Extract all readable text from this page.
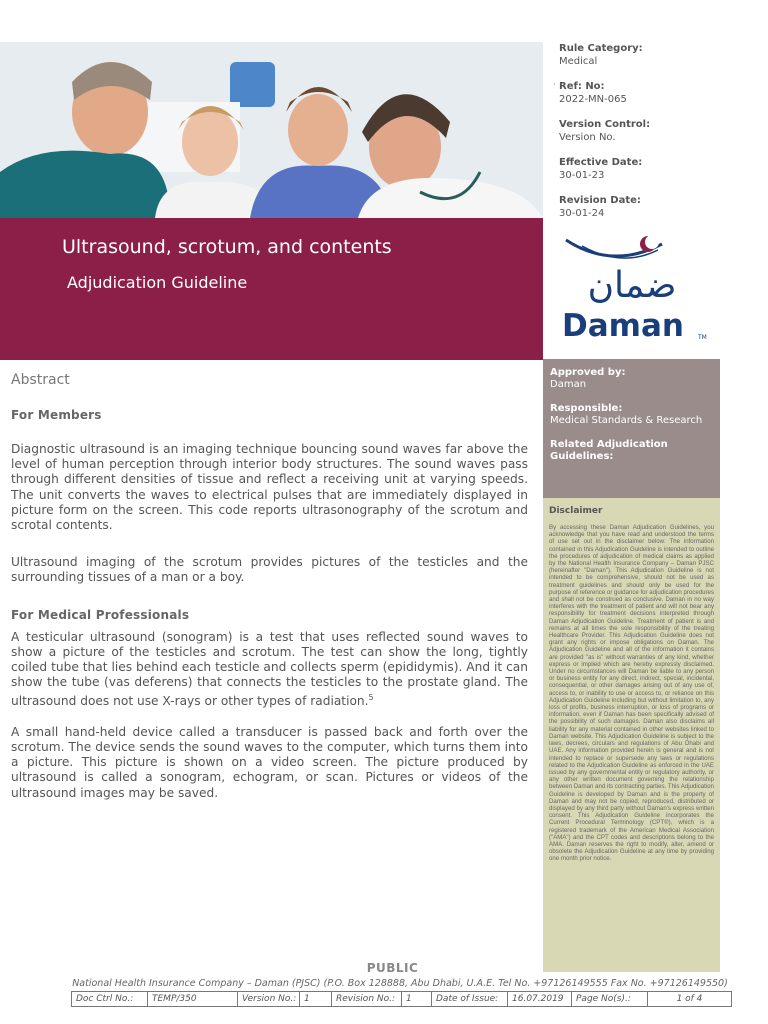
Ultrasound, scrotum, and contents
Adjudication Guideline
Rule Category:
Medical
· Ref: No:
2022-MN-065
Version Control:
Version No.
Effective Date:
30-01-23
Revision Date:
30-01-24
ضمان
Daman TM
Approved by:
Daman
Responsible:
Medical Standards & Research
Related Adjudication Guidelines:
Disclaimer
By accessing these Daman Adjudication Guidelines, you acknowledge that you have read and understood the terms of use set out in the disclaimer below: The information contained in this Adjudication Guideline is intended to outline the procedures of adjudication of medical claims as applied by the National Health Insurance Company – Daman PJSC (hereinafter "Daman"). This Adjudication Guideline is not intended to be comprehensive, should not be used as treatment guidelines and should only be used for the purpose of reference or guidance for adjudication procedures and shall not be construed as conclusive. Daman in no way interferes with the treatment of patient and will not bear any responsibility for treatment decisions interpreted through Daman Adjudication Guideline. Treatment of patient is and remains at all times the sole responsibility of the treating Healthcare Provider. This Adjudication Guideline does not grant any rights or impose obligations on Daman. The Adjudication Guideline and all of the information it contains are provided "as is" without warranties of any kind, whether express or implied which are hereby expressly disclaimed. Under no circumstances will Daman be liable to any person or business entity for any direct, indirect, special, incidental, consequential, or other damages arising out of any use of, access to, or inability to use or access to, or reliance on this Adjudication Guideline including but without limitation to, any loss of profits, business interruption, or loss of programs or information, even if Daman has been specifically advised of the possibility of such damages. Daman also disclaims all liability for any material contained in other websites linked to Daman website. This Adjudication Guideline is subject to the laws, decrees, circulars and regulations of Abu Dhabi and UAE. Any information provided herein is general and is not intended to replace or supersede any laws or regulations related to the Adjudication Guideline as enforced in the UAE issued by any governmental entity or regulatory authority, or any other written document governing the relationship between Daman and its contracting parties. This Adjudication Guideline is developed by Daman and is the property of Daman and may not be copied, reproduced, distributed or displayed by any third party without Daman's express written consent. This Adjudication Guideline incorporates the Current Procedural Terminology (CPT®), which is a registered trademark of the American Medical Association ("AMA") and the CPT codes and descriptions belong to the AMA. Daman reserves the right to modify, alter, amend or obsolete the Adjudication Guideline at any time by providing one month prior notice.
Abstract
For Members
Diagnostic ultrasound is an imaging technique bouncing sound waves far above the level of human perception through interior body structures. The sound waves pass through different densities of tissue and reflect a receiving unit at varying speeds. The unit converts the waves to electrical pulses that are immediately displayed in picture form on the screen. This code reports ultrasonography of the scrotum and scrotal contents.
Ultrasound imaging of the scrotum provides pictures of the testicles and the surrounding tissues of a man or a boy.
For Medical Professionals
A testicular ultrasound (sonogram) is a test that uses reflected sound waves to show a picture of the testicles and scrotum. The test can show the long, tightly coiled tube that lies behind each testicle and collects sperm (epididymis). And it can show the tube (vas deferens) that connects the testicles to the prostate gland. The ultrasound does not use X-rays or other types of radiation.$^5$
A small hand-held device called a transducer is passed back and forth over the scrotum. The device sends the sound waves to the computer, which turns them into a picture. This picture is shown on a video screen. The picture produced by ultrasound is called a sonogram, echogram, or scan. Pictures or videos of the ultrasound images may be saved.
PUBLIC
National Health Insurance Company – Daman (PJSC) (P.O. Box 128888, Abu Dhabi, U.A.E. Tel No. +97126149555 Fax No. +97126149550)
Doc Ctrl No.:	TEMP/350	Version No.: 1	Revision No.:	1	Date of Issue:	16.07.2019	Page No(s).:	1 of 4
